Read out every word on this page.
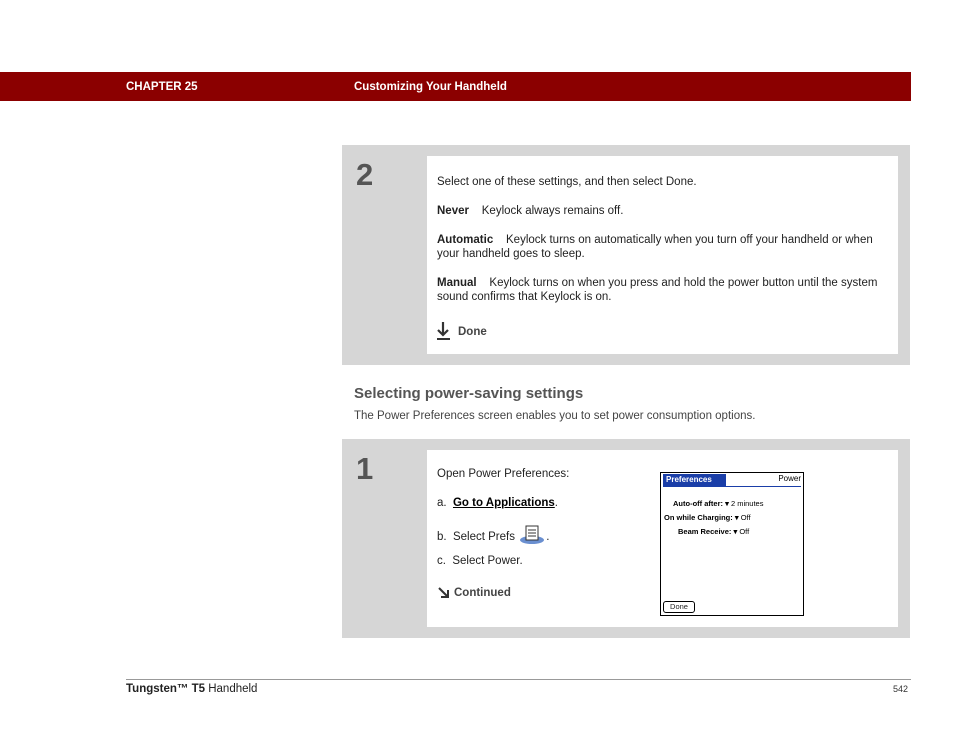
CHAPTER 25	Customizing Your Handheld
2	Select one of these settings, and then select Done.
Never Keylock always remains off.
Automatic Keylock turns on automatically when you turn off your handheld or when your handheld goes to sleep.
Manual Keylock turns on when you press and hold the power button until the system sound confirms that Keylock is on.
Done
Selecting power-saving settings
The Power Preferences screen enables you to set power consumption options.
1	Open Power Preferences:
a. Go to Applications.
b. Select Prefs	.
c. Select Power.
Continued
Preferences	Power
Auto-off after: ▾ 2 minutes
On while Charging: ▾ Off
Beam Receive: ▾ Off
Done
Tungsten™ T5 Handheld	542
